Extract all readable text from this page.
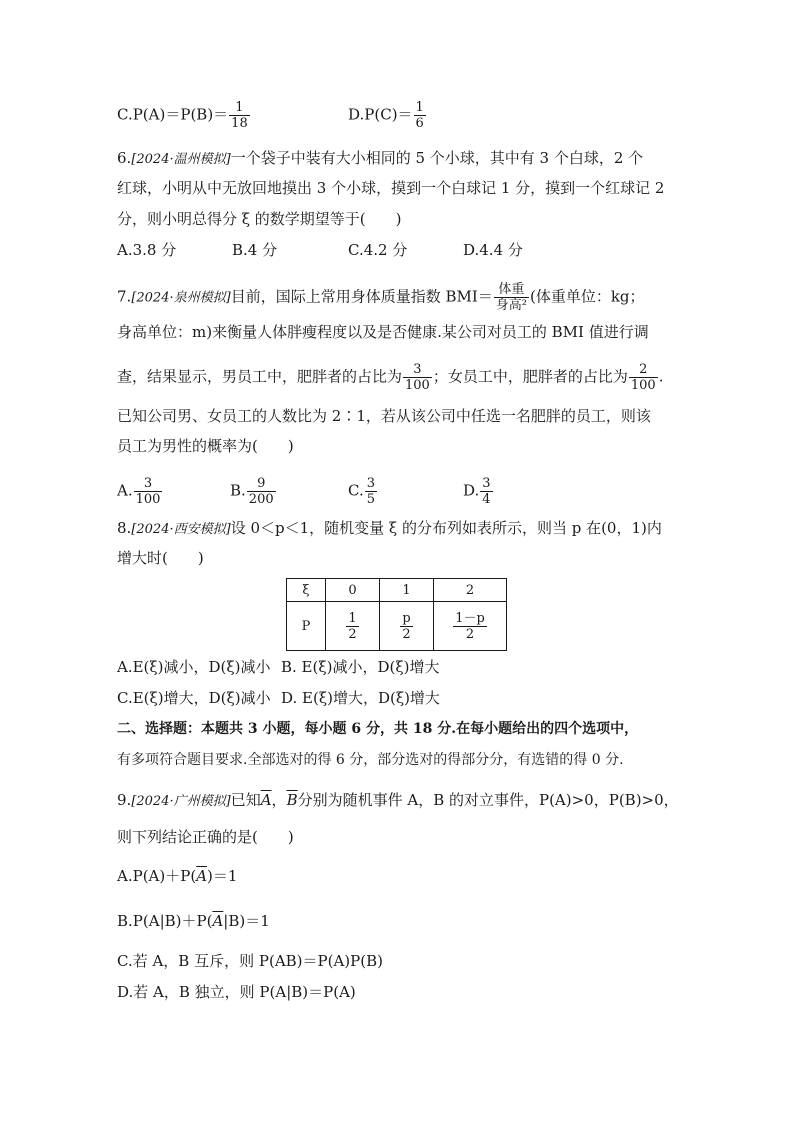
$C.P(A)=P(B)= \frac{1}{18}$	$D.P(C)= \frac{1}{6}$
6.[2024·温州模拟]一个袋子中装有大小相同的 5 个小球，其中有 3 个白球，2 个
红球，小明从中无放回地摸出 3 个小球，摸到一个白球记 1 分，摸到一个红球记 2
分，则小明总得分 ξ 的数学期望等于(　　)
A.3.8 分	B.4 分	C.4.2 分	D.4.4 分
7.[2024·泉州模拟]目前，国际上常用身体质量指数 $BMI= \frac{\text{体重}}{\text{身高²}}$ (体重单位：kg；
身高单位：m)来衡量人体胖瘦程度以及是否健康.某公司对员工的 BMI 值进行调
查，结果显示，男员工中，肥胖者的占比为 $\frac{3}{100}$ ；女员工中，肥胖者的占比为 $\frac{2}{100}$ .
已知公司男、女员工的人数比为 2∶1，若从该公司中任选一名肥胖的员工，则该
员工为男性的概率为(　　)
A. $\frac{3}{100}$	B. $\frac{9}{200}$	C. $\frac{3}{5}$	D. $\frac{3}{4}$
8.[2024·西安模拟]设 0＜p＜1，随机变量 ξ 的分布列如表所示，则当 p 在(0，1)内
增大时(　　)
ξ	0	1	2
P	$\frac{1}{2}$	$\frac{p}{2}$	$\frac{1-p}{2}$
A.E(ξ)减小，D(ξ)减小 B. E(ξ)减小，D(ξ)增大
C.E(ξ)增大，D(ξ)减小 D. E(ξ)增大，D(ξ)增大
二、选择题：本题共 3 小题，每小题 6 分，共 18 分.在每小题给出的四个选项中，
有多项符合题目要求.全部选对的得 6 分，部分选对的得部分分，有选错的得 0 分.
9.[2024·广州模拟]已知$\overline{A}$，$\overline{B}$分别为随机事件 A，B 的对立事件，P(A)>0，P(B)>0，
则下列结论正确的是(　　)
$A.P(A)+P(\overline{A})=1$
$B.P(A|B)+P(\overline{A}|B)=1$
C.若 A，B 互斥，则 P(AB)＝P(A)P(B)
D.若 A，B 独立，则 P(A|B)＝P(A)
